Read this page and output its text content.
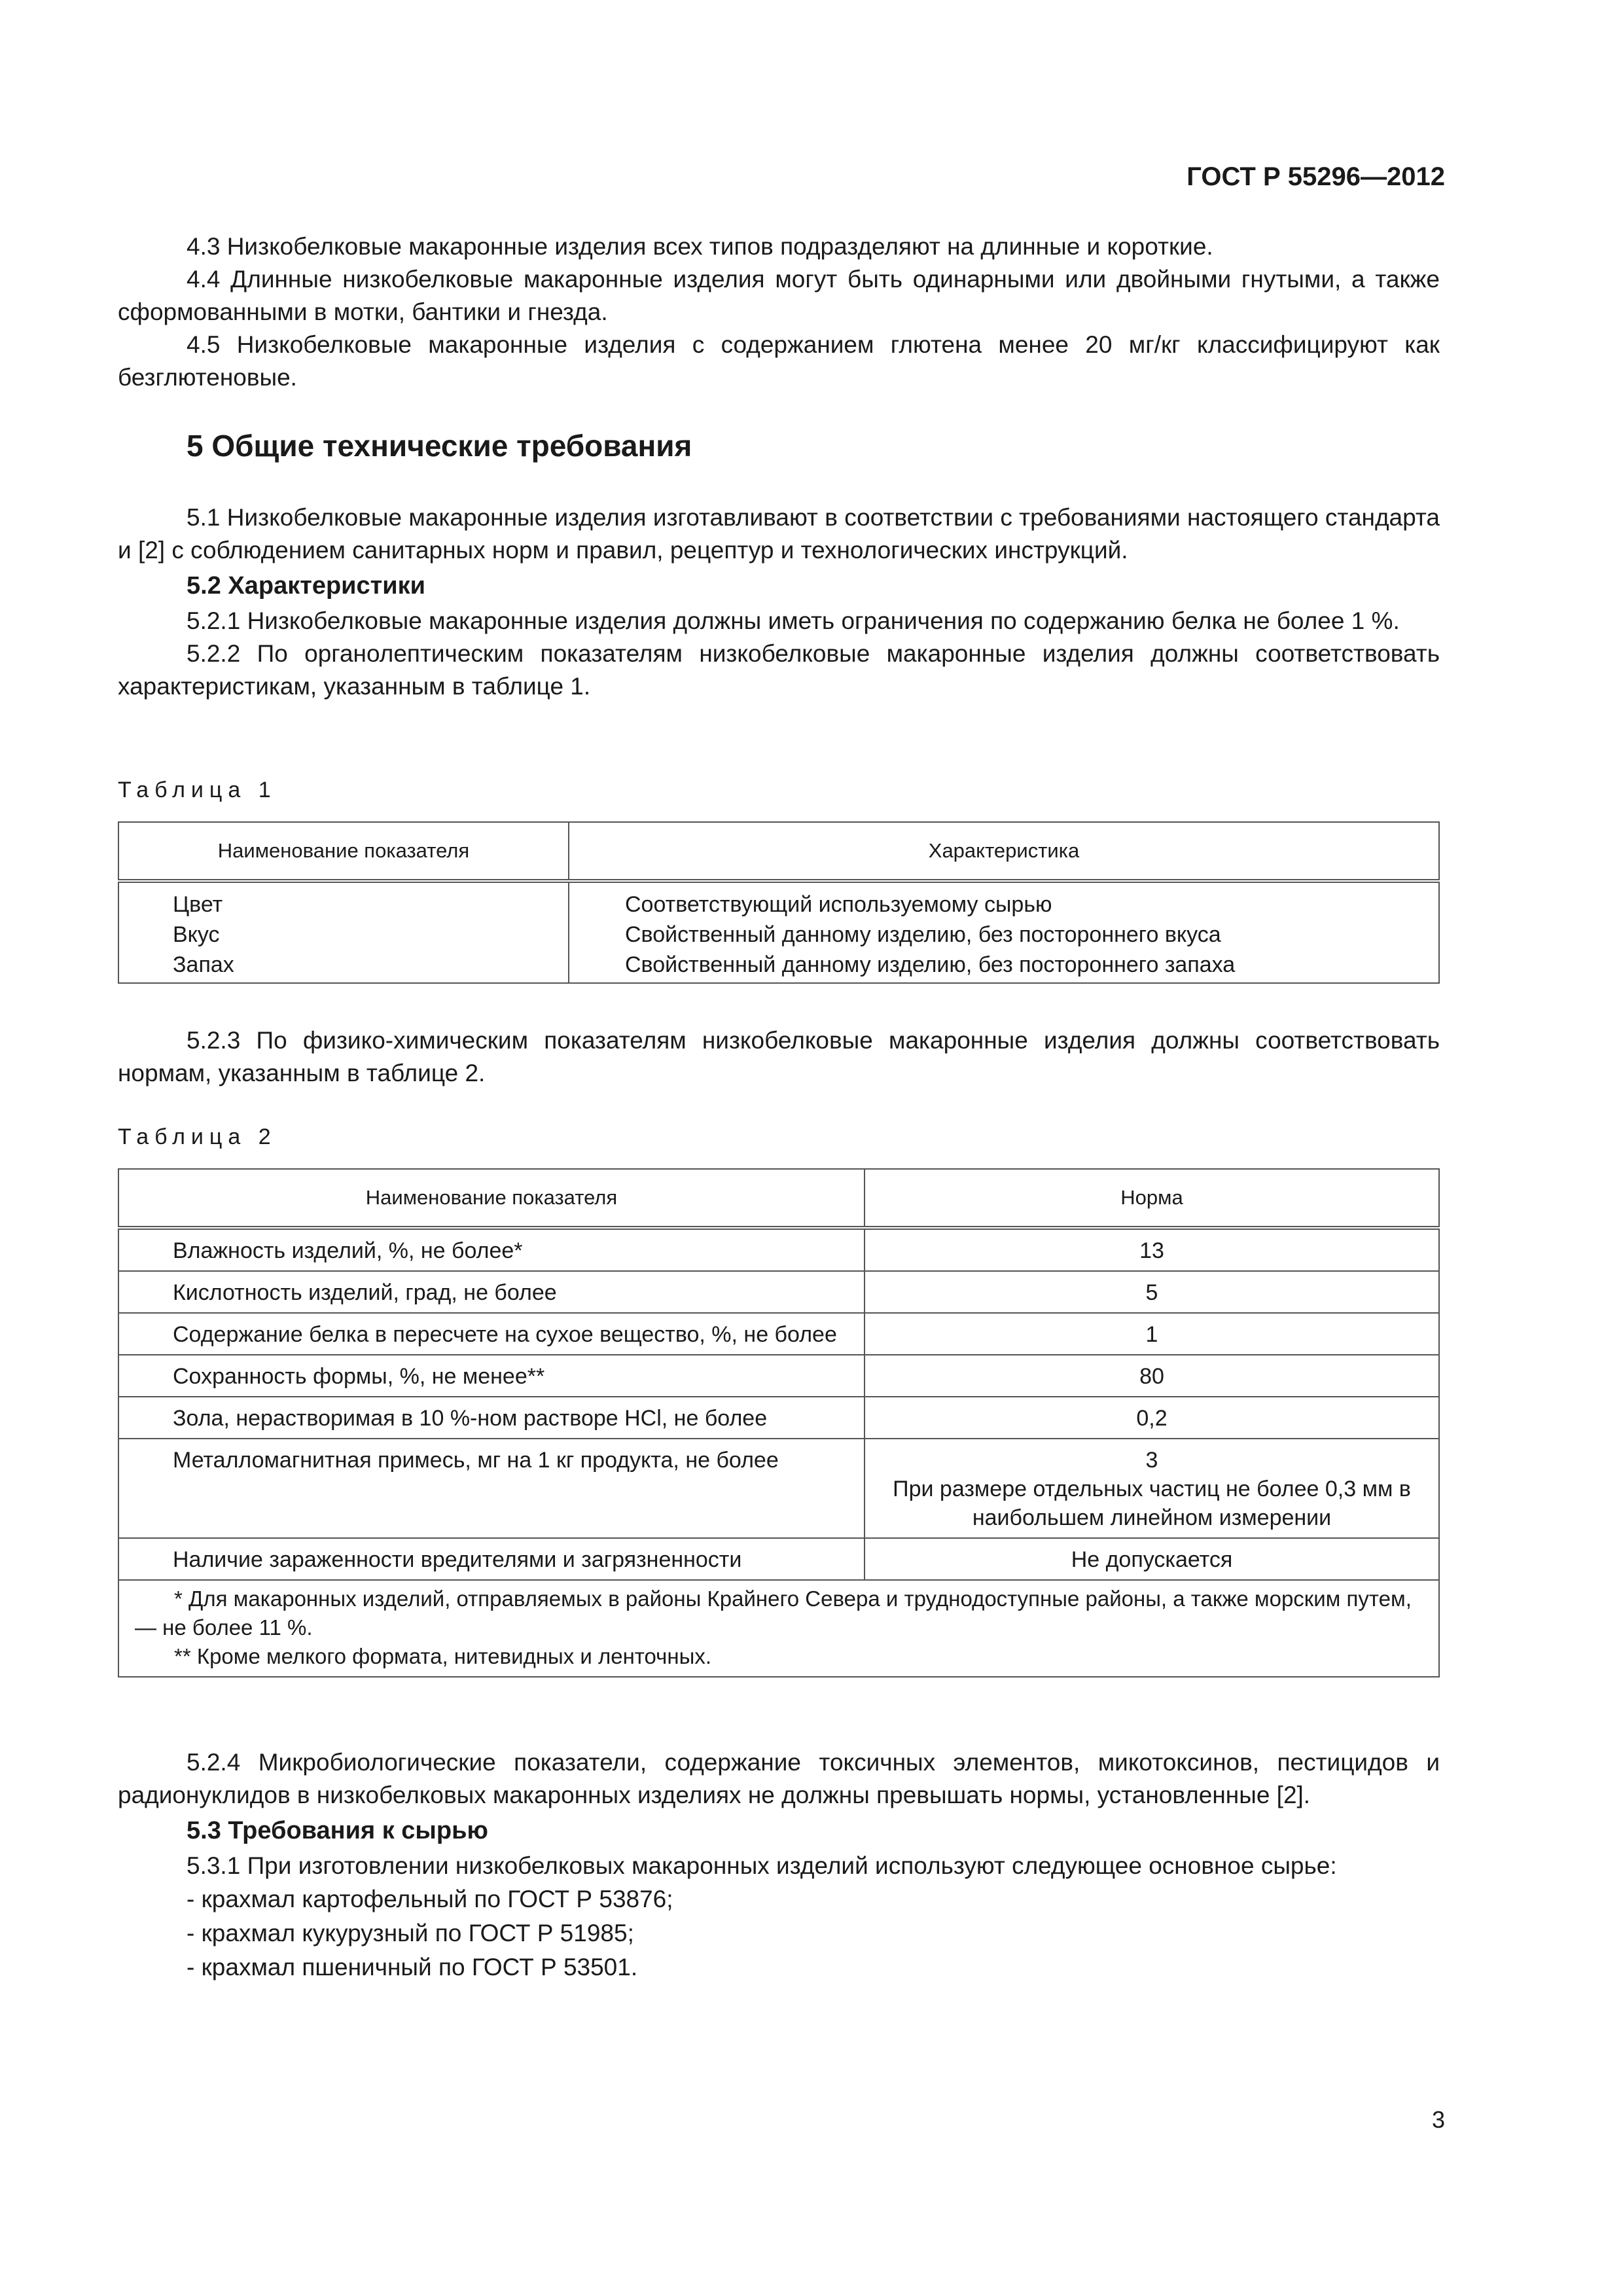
ГОСТ Р 55296—2012

4.3 Низкобелковые макаронные изделия всех типов подразделяют на длинные и короткие.

4.4 Длинные низкобелковые макаронные изделия могут быть одинарными или двойными гнутыми, а также сформованными в мотки, бантики и гнезда.

4.5 Низкобелковые макаронные изделия с содержанием глютена менее 20 мг/кг классифицируют как безглютеновые.

5 Общие технические требования

5.1 Низкобелковые макаронные изделия изготавливают в соответствии с требованиями настоящего стандарта и [2] с соблюдением санитарных норм и правил, рецептур и технологических инструкций.

5.2 Характеристики

5.2.1 Низкобелковые макаронные изделия должны иметь ограничения по содержанию белка не более 1 %.

5.2.2 По органолептическим показателям низкобелковые макаронные изделия должны соответствовать характеристикам, указанным в таблице 1.

Таблица 1

Наименование показателя	Характеристика
Цвет	Соответствующий используемому сырью
Вкус	Свойственный данному изделию, без постороннего вкуса
Запах	Свойственный данному изделию, без постороннего запаха

5.2.3 По физико-химическим показателям низкобелковые макаронные изделия должны соответствовать нормам, указанным в таблице 2.

Таблица 2

Наименование показателя	Норма
Влажность изделий, %, не более*	13
Кислотность изделий, град, не более	5
Содержание белка в пересчете на сухое вещество, %, не более	1
Сохранность формы, %, не менее**	80
Зола, нерастворимая в 10 %-ном растворе HCl, не более	0,2
Металломагнитная примесь, мг на 1 кг продукта, не более	3
При размере отдельных частиц не более 0,3 мм в наибольшем линейном измерении

Наличие зараженности вредителями и загрязненности	Не допускается

* Для макаронных изделий, отправляемых в районы Крайнего Севера и труднодоступные районы, а также морским путем, — не более 11 %.
** Кроме мелкого формата, нитевидных и ленточных.	

5.2.4 Микробиологические показатели, содержание токсичных элементов, микотоксинов, пестицидов и радионуклидов в низкобелковых макаронных изделиях не должны превышать нормы, установленные [2].

5.3 Требования к сырью

5.3.1 При изготовлении низкобелковых макаронных изделий используют следующее основное сырье:

- крахмал картофельный по ГОСТ Р 53876;

- крахмал кукурузный по ГОСТ Р 51985;

- крахмал пшеничный по ГОСТ Р 53501.

3
